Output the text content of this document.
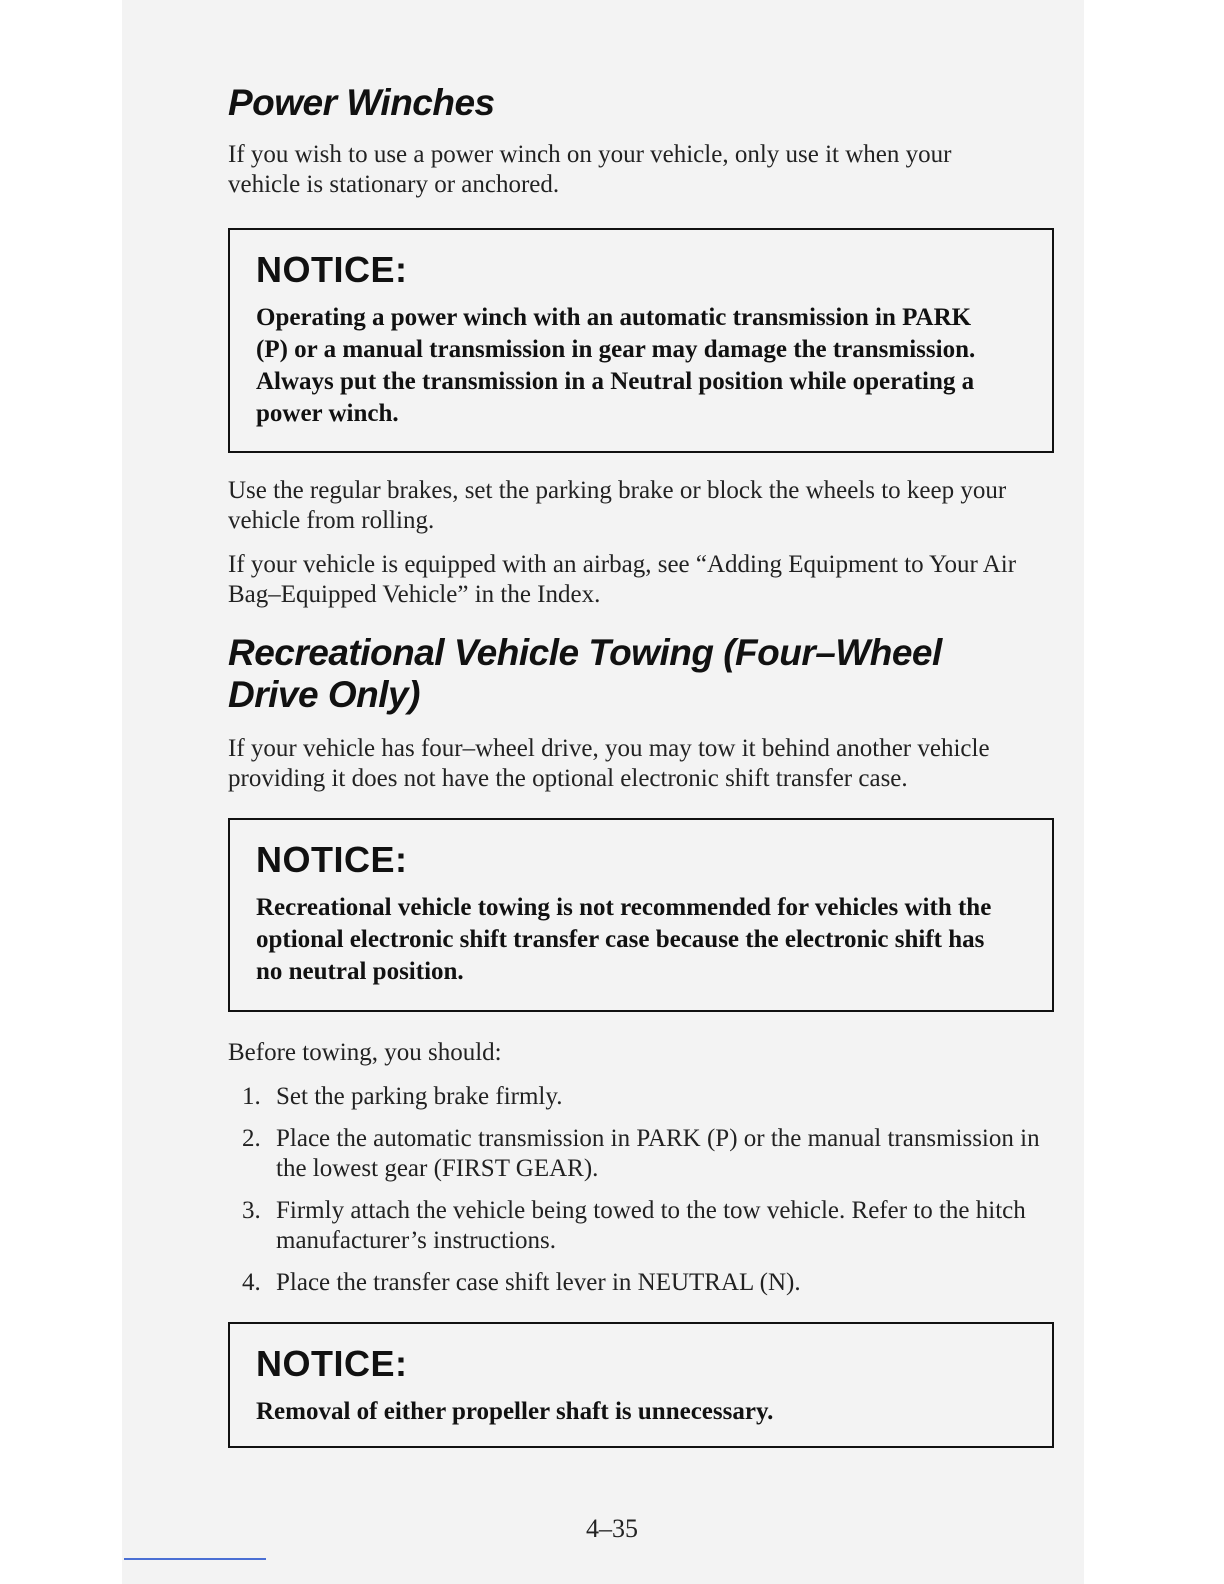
Power Winches

If you wish to use a power winch on your vehicle, only use it when your vehicle is stationary or anchored.

NOTICE:
Operating a power winch with an automatic transmission in PARK (P) or a manual transmission in gear may damage the transmission. Always put the transmission in a Neutral position while operating a power winch.

Use the regular brakes, set the parking brake or block the wheels to keep your vehicle from rolling.

If your vehicle is equipped with an airbag, see “Adding Equipment to Your Air Bag–Equipped Vehicle” in the Index.

Recreational Vehicle Towing (Four–Wheel Drive Only)

If your vehicle has four–wheel drive, you may tow it behind another vehicle providing it does not have the optional electronic shift transfer case.

NOTICE:
Recreational vehicle towing is not recommended for vehicles with the optional electronic shift transfer case because the electronic shift has no neutral position.

Before towing, you should:

1. Set the parking brake firmly.
2. Place the automatic transmission in PARK (P) or the manual transmission in the lowest gear (FIRST GEAR).
3. Firmly attach the vehicle being towed to the tow vehicle. Refer to the hitch manufacturer’s instructions.
4. Place the transfer case shift lever in NEUTRAL (N).
NOTICE:
Removal of either propeller shaft is unnecessary.
4–35
